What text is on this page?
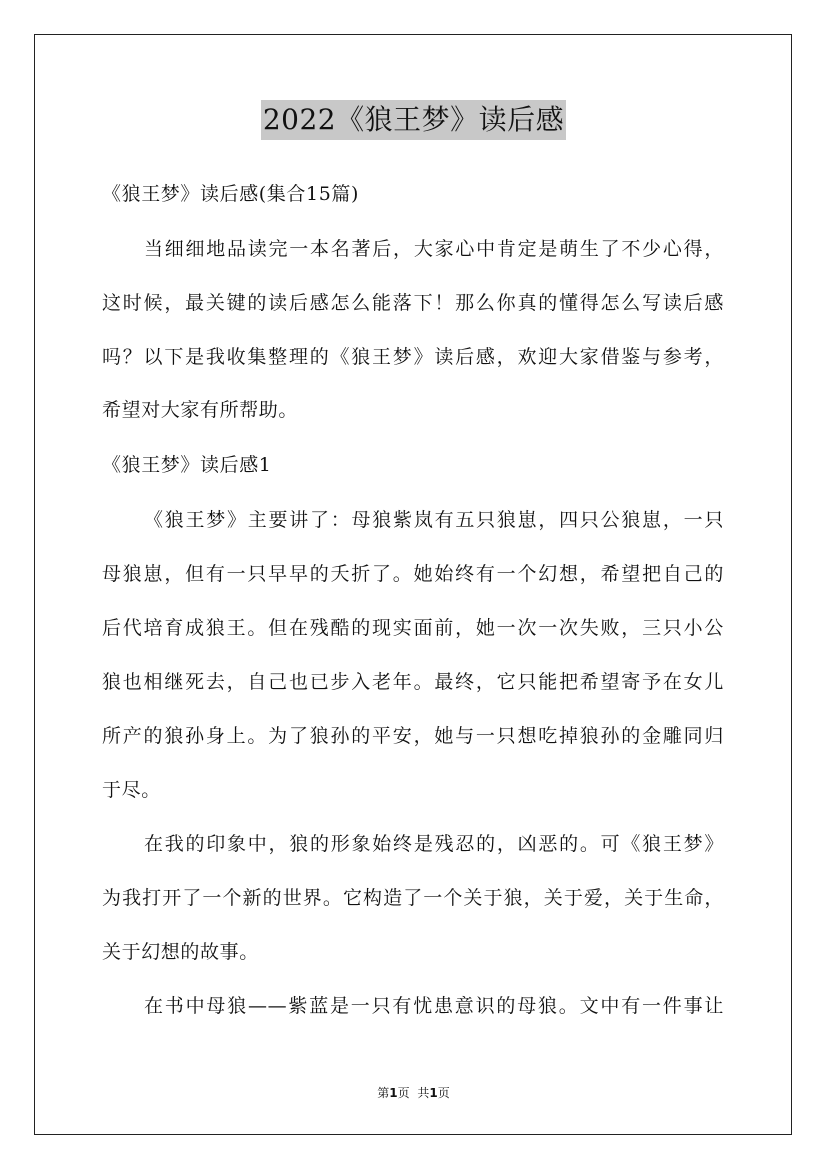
2022《狼王梦》读后感
《狼王梦》读后感(集合15篇)
当细细地品读完一本名著后，大家心中肯定是萌生了不少心得，
这时候，最关键的读后感怎么能落下！那么你真的懂得怎么写读后感
吗？以下是我收集整理的《狼王梦》读后感，欢迎大家借鉴与参考，
希望对大家有所帮助。
《狼王梦》读后感1
《狼王梦》主要讲了：母狼紫岚有五只狼崽，四只公狼崽，一只
母狼崽，但有一只早早的夭折了。她始终有一个幻想，希望把自己的
后代培育成狼王。但在残酷的现实面前，她一次一次失败，三只小公
狼也相继死去，自己也已步入老年。最终，它只能把希望寄予在女儿
所产的狼孙身上。为了狼孙的平安，她与一只想吃掉狼孙的金雕同归
于尽。
在我的印象中，狼的形象始终是残忍的，凶恶的。可《狼王梦》
为我打开了一个新的世界。它构造了一个关于狼，关于爱，关于生命，
关于幻想的故事。
在书中母狼——紫蓝是一只有忧患意识的母狼。文中有一件事让
第1页 共1页
